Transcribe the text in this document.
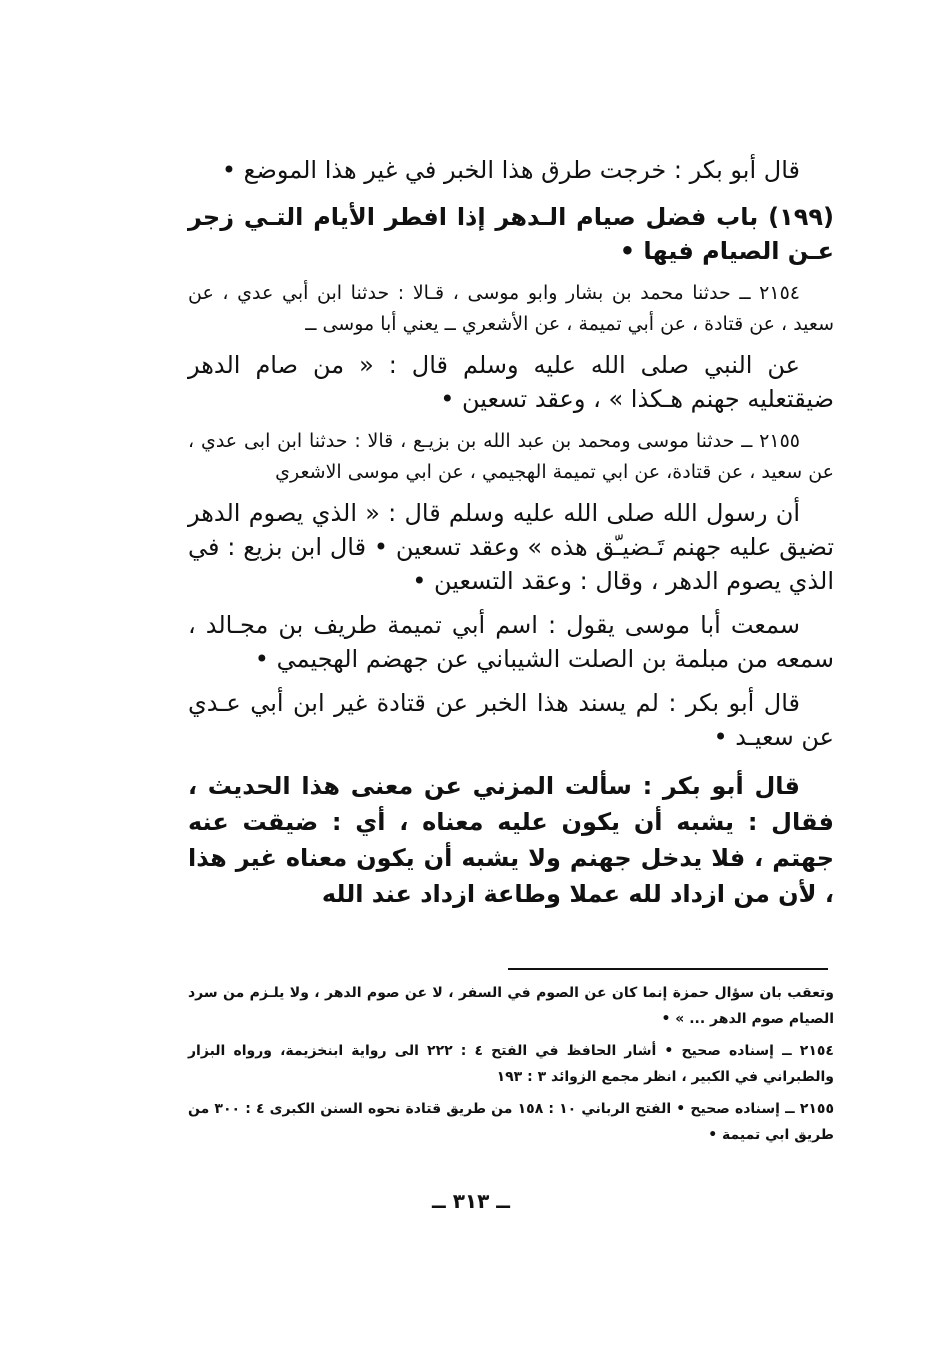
قال أبو بكر : خرجت طرق هذا الخبر في غير هذا الموضع •

(١٩٩) باب فضل صيام الـدهر إذا افطر الأيام التـي زجر عـن الصيام فيها •

٢١٥٤ ــ حدثنا محمد بن بشار وابو موسى ، قـالا : حدثنا ابن أبي عدي ، عن سعيد ، عن قتادة ، عن أبي تميمة ، عن الأشعري ــ يعني أبا موسى ــ

عن النبي صلى الله عليه وسلم قال : « من صام الدهر ضيقتعليه جهنم هـكذا » ، وعقد تسعين •

٢١٥٥ ــ حدثنا موسى ومحمد بن عبد الله بن بزيـع ، قالا : حدثنا ابن ابى عدي ، عن سعيد ، عن قتادة، عن ابي تميمة الهجيمي ، عن ابي موسى الاشعري

أن رسول الله صلى الله عليه وسلم قال : « الذي يصوم الدهر تضيق عليه جهنم تَـضيـّق هذه » وعقد تسعين • قال ابن بزيع : في الذي يصوم الدهر ، وقال : وعقد التسعين •

سمعت أبا موسى يقول : اسم أبي تميمة طريف بن مجـالد ، سمعه من مبلمة بن الصلت الشيباني عن جهضم الهجيمي •

قال أبو بكر : لم يسند هذا الخبر عن قتادة غير ابن أبي عـدي عن سعيـد •

قال أبو بكر : سألت المزني عن معنى هذا الحديث ، فقال : يشبه أن يكون عليه معناه ، أي : ضيقت عنه جهتم ، فلا يدخل جهنم ولا يشبه أن يكون معناه غير هذا ، لأن من ازداد لله عملا وطاعة ازداد عند الله

وتعقب بان سؤال حمزة إنما كان عن الصوم في السفر ، لا عن صوم الدهر ، ولا يلـزم من سرد الصيام صوم الدهر ... » •

٢١٥٤ ــ إسناده صحيح • أشار الحافظ في الفتح ٤ : ٢٢٢ الى رواية ابنخزيمة، ورواه البزار والطبراني في الكبير ، انظر مجمع الزوائد ٣ : ١٩٣

٢١٥٥ ــ إسناده صحيح • الفتح الرباني ١٠ : ١٥٨ من طريق قتادة نحوه السنن الكبرى ٤ : ٣٠٠ من طريق ابي تميمة •

ــ ٣١٣ ــ
